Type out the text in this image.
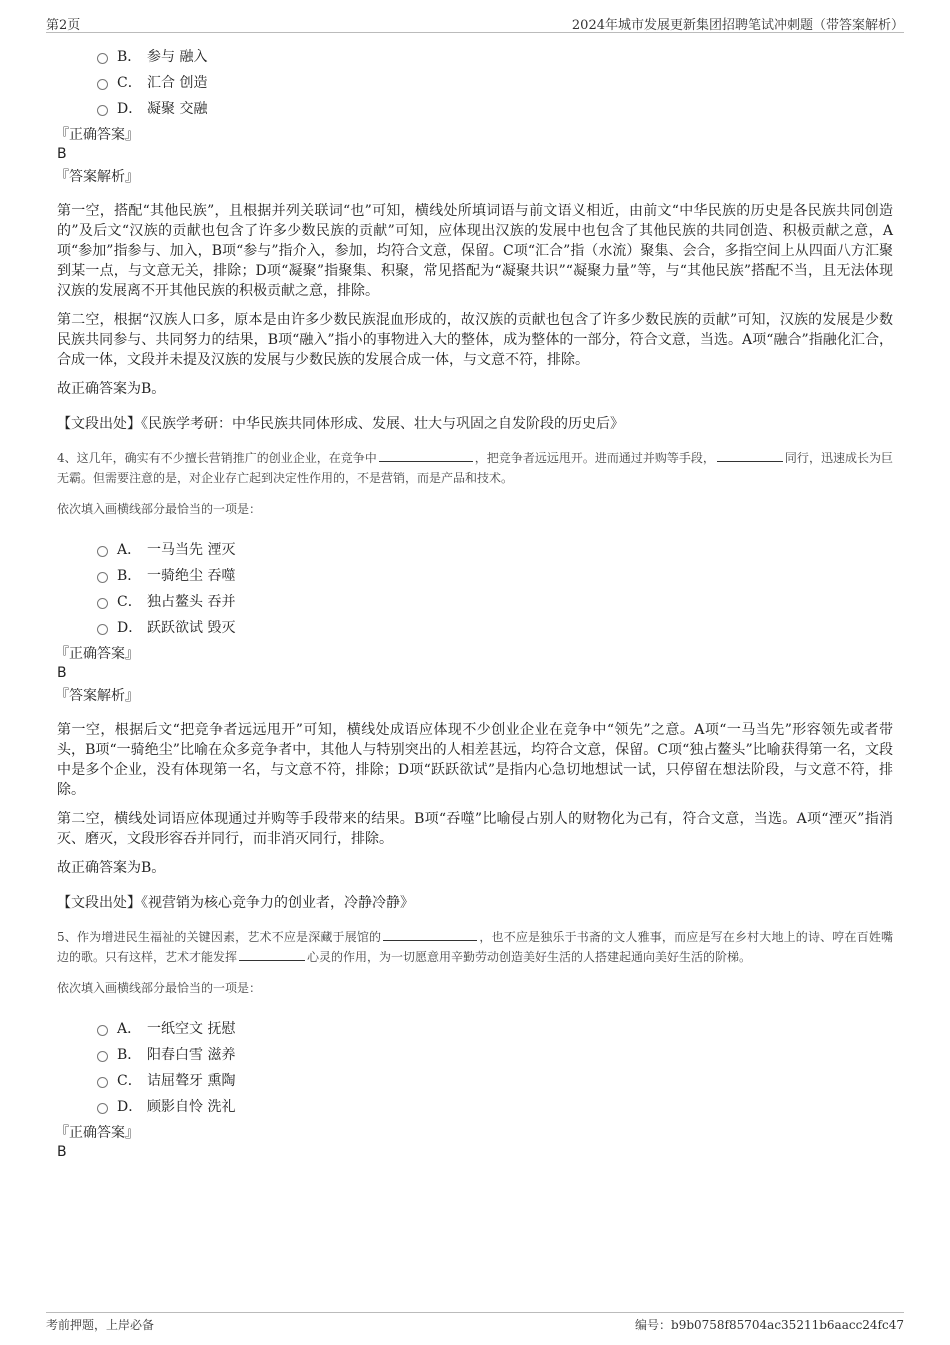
第2页	2024年城市发展更新集团招聘笔试冲刺题（带答案解析）
B． 参与 融入
C． 汇合 创造
D． 凝聚 交融
『正确答案』
B
『答案解析』

第一空，搭配“其他民族”，且根据并列关联词“也”可知，横线处所填词语与前文语义相近，由前文“中华民族的历史是各民族共同创造的”及后文“汉族的贡献也包含了许多少数民族的贡献”可知，应体现出汉族的发展中也包含了其他民族的共同创造、积极贡献之意，A项“参加”指参与、加入，B项“参与”指介入，参加，均符合文意，保留。C项“汇合”指（水流）聚集、会合，多指空间上从四面八方汇聚到某一点，与文意无关，排除；D项“凝聚”指聚集、积聚，常见搭配为“凝聚共识”“凝聚力量”等，与“其他民族”搭配不当，且无法体现汉族的发展离不开其他民族的积极贡献之意，排除。

第二空，根据“汉族人口多，原本是由许多少数民族混血形成的，故汉族的贡献也包含了许多少数民族的贡献”可知，汉族的发展是少数民族共同参与、共同努力的结果，B项“融入”指小的事物进入大的整体，成为整体的一部分，符合文意，当选。A项“融合”指融化汇合，合成一体，文段并未提及汉族的发展与少数民族的发展合成一体，与文意不符，排除。

故正确答案为B。

【文段出处】《民族学考研：中华民族共同体形成、发展、壮大与巩固之自发阶段的历史后》

4、这几年，确实有不少擅长营销推广的创业企业，在竞争中	，把竞争者远远甩开。进而通过并购等手段，	同行，迅速成长为巨无霸。但需要注意的是，对企业存亡起到决定性作用的，不是营销，而是产品和技术。

依次填入画横线部分最恰当的一项是：

A． 一马当先 湮灭
B． 一骑绝尘 吞噬
C． 独占鳌头 吞并
D． 跃跃欲试 毁灭
『正确答案』
B
『答案解析』

第一空，根据后文“把竞争者远远甩开”可知，横线处成语应体现不少创业企业在竞争中“领先”之意。A项“一马当先”形容领先或者带头，B项“一骑绝尘”比喻在众多竞争者中，其他人与特别突出的人相差甚远，均符合文意，保留。C项“独占鳌头”比喻获得第一名，文段中是多个企业，没有体现第一名，与文意不符，排除；D项“跃跃欲试”是指内心急切地想试一试，只停留在想法阶段，与文意不符，排除。

第二空，横线处词语应体现通过并购等手段带来的结果。B项“吞噬”比喻侵占别人的财物化为己有，符合文意，当选。A项“湮灭”指消灭、磨灭，文段形容吞并同行，而非消灭同行，排除。

故正确答案为B。

【文段出处】《视营销为核心竞争力的创业者，冷静冷静》

5、作为增进民生福祉的关键因素，艺术不应是深藏于展馆的	，也不应是独乐于书斋的文人雅事，而应是写在乡村大地上的诗、哼在百姓嘴边的歌。只有这样，艺术才能发挥	心灵的作用，为一切愿意用辛勤劳动创造美好生活的人搭建起通向美好生活的阶梯。

依次填入画横线部分最恰当的一项是：

A． 一纸空文 抚慰
B． 阳春白雪 滋养
C． 诘屈聱牙 熏陶
D． 顾影自怜 洗礼
『正确答案』
B
考前押题，上岸必备	编号：b9b0758f85704ac35211b6aacc24fc47
